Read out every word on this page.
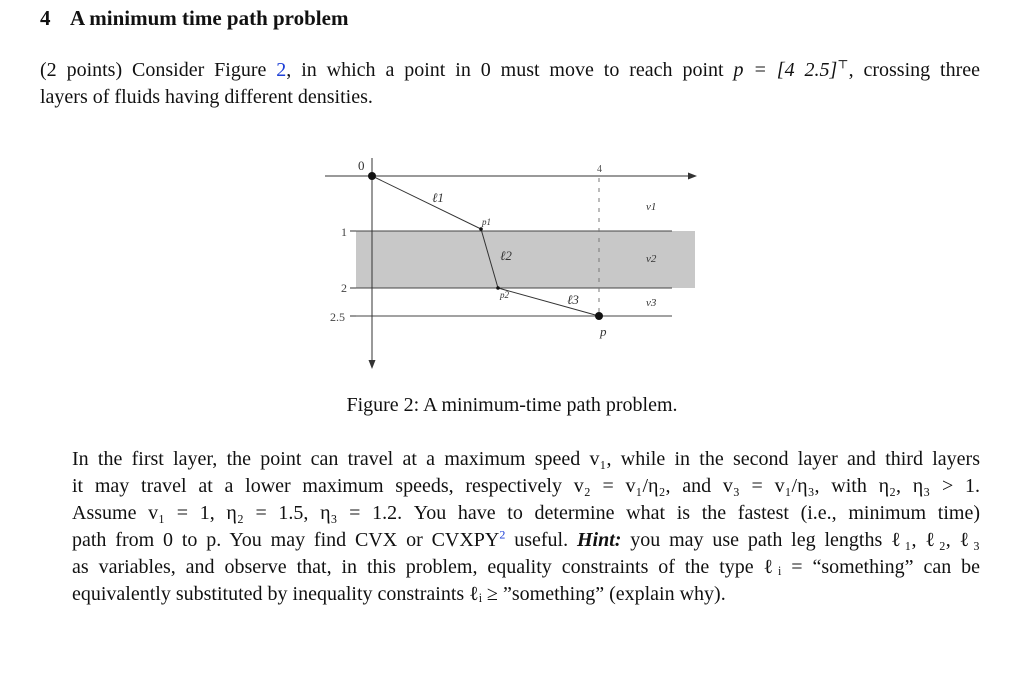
4 A minimum time path problem
(2 points) Consider Figure 2, in which a point in 0 must move to reach point p = [4 2.5]⊤, crossing three
layers of fluids having different densities.
0	4
1
2
2.5
ℓ1
ℓ2
ℓ3
p1
p2
p
v1
v2
v3
Figure 2: A minimum-time path problem.
In the first layer, the point can travel at a maximum speed v₁, while in the second layer and third layers
it may travel at a lower maximum speeds, respectively v₂ = v₁/η₂, and v₃ = v₁/η₃, with η₂, η₃ > 1.
Assume v₁ = 1, η₂ = 1.5, η₃ = 1.2. You have to determine what is the fastest (i.e., minimum time)
path from 0 to p. You may find CVX or CVXPY$^2$ useful. Hint: you may use path leg lengths ℓ₁, ℓ₂, ℓ₃
as variables, and observe that, in this problem, equality constraints of the type ℓᵢ = “something” can be
equivalently substituted by inequality constraints ℓᵢ ≥ ”something” (explain why).
